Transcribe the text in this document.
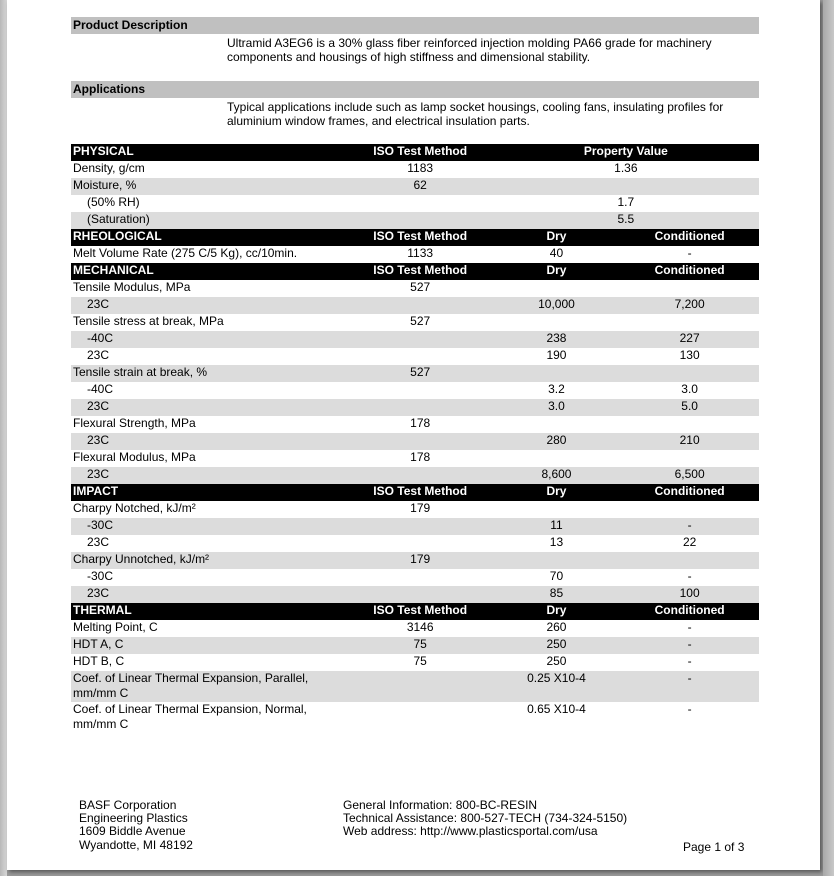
Product Description
Ultramid A3EG6 is a 30% glass fiber reinforced injection molding PA66 grade for machinery components and housings of high stiffness and dimensional stability.
Applications
Typical applications include such as lamp socket housings, cooling fans, insulating profiles for aluminium window frames, and electrical insulation parts.
PHYSICAL	ISO Test Method	Property Value	
Density, g/cm	1183	1.36	
Moisture, %	62		
(50% RH)		1.7	
(Saturation)		5.5	
RHEOLOGICAL	ISO Test Method	Dry	Conditioned
Melt Volume Rate (275 C/5 Kg), cc/10min.	1133	40	-
MECHANICAL	ISO Test Method	Dry	Conditioned
Tensile Modulus, MPa	527		
23C		10,000	7,200
Tensile stress at break, MPa	527		
-40C		238	227
23C		190	130
Tensile strain at break, %	527		
-40C		3.2	3.0
23C		3.0	5.0
Flexural Strength, MPa	178		
23C		280	210
Flexural Modulus, MPa	178		
23C		8,600	6,500
IMPACT	ISO Test Method	Dry	Conditioned
Charpy Notched, kJ/m²	179		
-30C		11	-
23C		13	22
Charpy Unnotched, kJ/m²	179		
-30C		70	-
23C		85	100
THERMAL	ISO Test Method	Dry	Conditioned
Melting Point, C	3146	260	-
HDT A, C	75	250	-
HDT B, C	75	250	-
Coef. of Linear Thermal Expansion, Parallel, mm/mm C		0.25 X10-4	-
Coef. of Linear Thermal Expansion, Normal, mm/mm C		0.65 X10-4	-
BASF Corporation
Engineering Plastics
1609 Biddle Avenue
Wyandotte, MI 48192
General Information: 800-BC-RESIN
Technical Assistance: 800-527-TECH (734-324-5150)
Web address: http://www.plasticsportal.com/usa
Page 1 of 3
